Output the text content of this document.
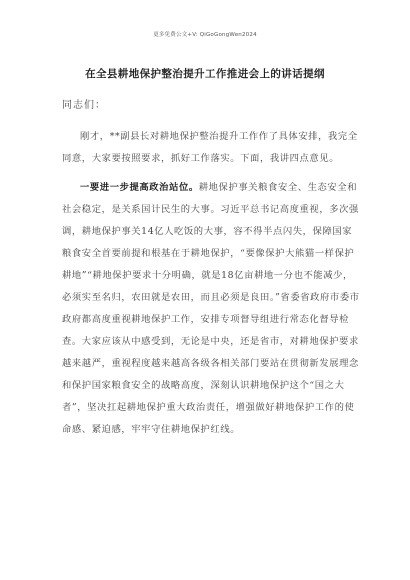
更多免费公文+V: QiGoGongWen2024
在全县耕地保护整治提升工作推进会上的讲话提纲
同志们：

刚才，**副县长对耕地保护整治提升工作作了具体安排，我完全同意，大家要按照要求，抓好工作落实。下面，我讲四点意见。

一要进一步提高政治站位。耕地保护事关粮食安全、生态安全和社会稳定，是关系国计民生的大事。习近平总书记高度重视，多次强调，耕地保护事关14亿人吃饭的大事，容不得半点闪失，保障国家粮食安全首要前提和根基在于耕地保护，“要像保护大熊猫一样保护耕地”“耕地保护要求十分明确，就是18亿亩耕地一分也不能减少，必须实至名归，农田就是农田，而且必须是良田。”省委省政府市委市政府都高度重视耕地保护工作，安排专项督导组进行常态化督导检查。大家应该从中感受到，无论是中央，还是省市，对耕地保护要求越来越严，重视程度越来越高各级各相关部门要站在贯彻新发展理念和保护国家粮食安全的战略高度，深刻认识耕地保护这个“国之大者”，坚决扛起耕地保护重大政治责任，增强做好耕地保护工作的使命感、紧迫感，牢牢守住耕地保护红线。
